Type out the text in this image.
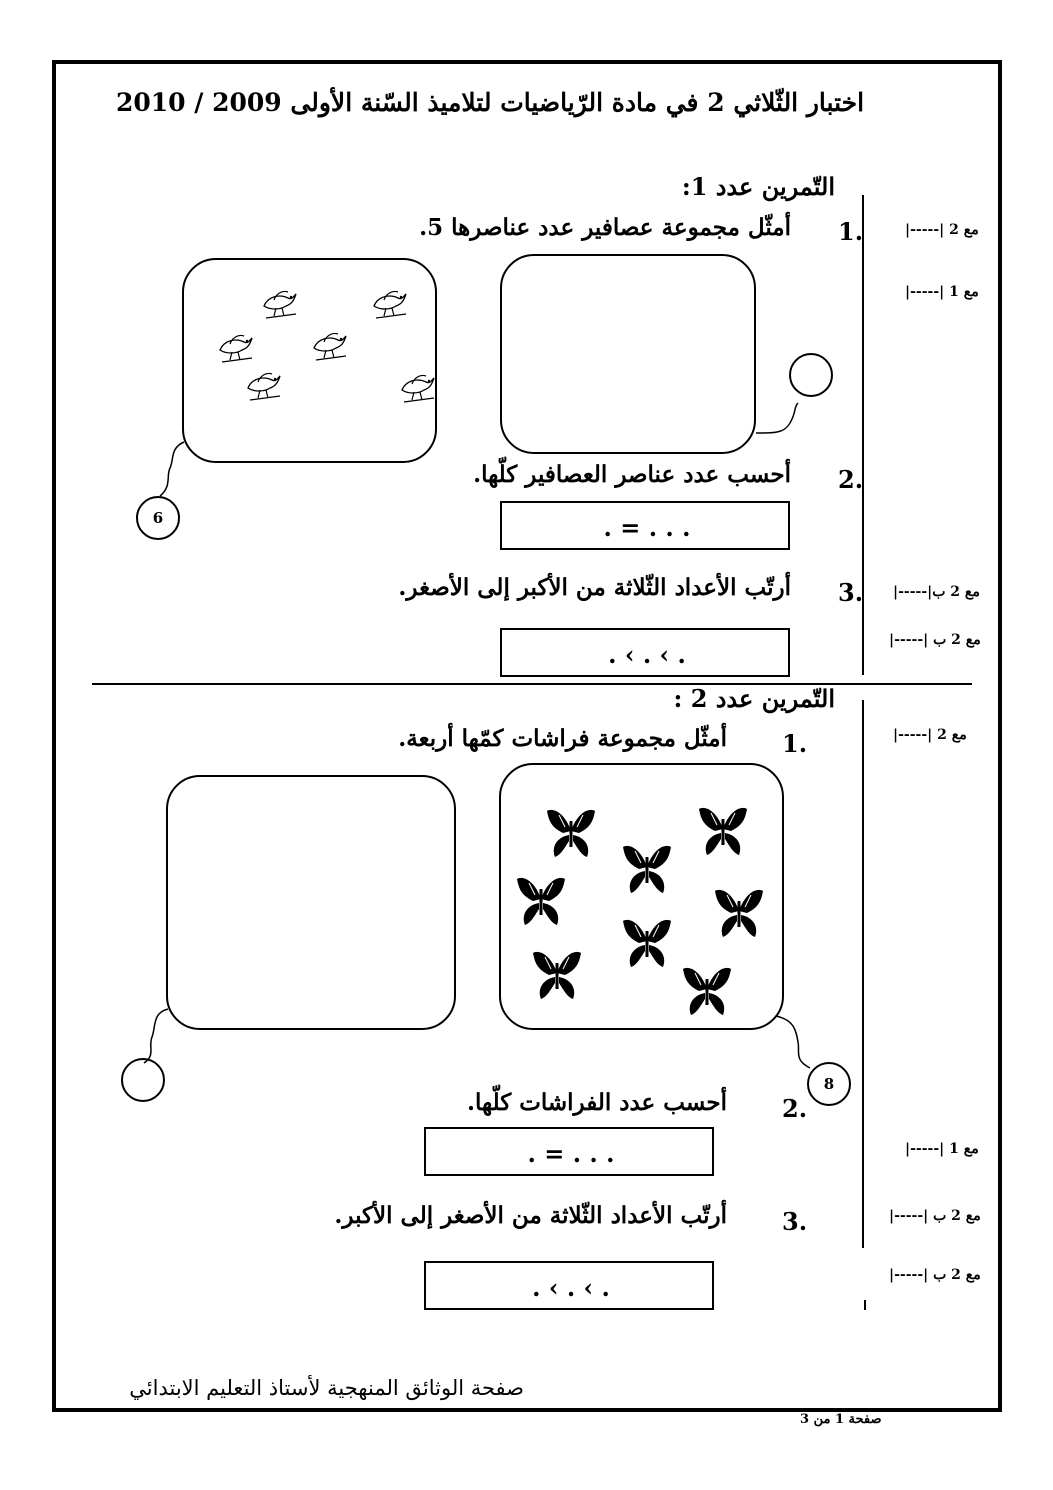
اختبار الثّلاثي 2 في مادة الرّياضيات لتلاميذ السّنة الأولى 2009 / 2010
مع 2 |-----|
مع 1 |-----|
مع 2 ب|-----|
مع 2 ب |-----|
مع 2 |-----|
مع 1 |-----|
مع 2 ب |-----|
مع 2 ب |-----|
التّمرين عدد 1:
1.
أمثّل مجموعة عصافير عدد عناصرها 5.
6
2.
أحسب عدد عناصر العصافير كلّها.
. = . . .
3.
أرتّب الأعداد الثّلاثة من الأكبر إلى الأصغر.
. ‹ . ‹ .
التّمرين عدد 2 :
1.
أمثّل مجموعة فراشات كمّها أربعة.
8
2.
أحسب عدد الفراشات كلّها.
. = . . .
3.
أرتّب الأعداد الثّلاثة من الأصغر إلى الأكبر.
. ‹ . ‹ .
صفحة الوثائق المنهجية لأستاذ التعليم الابتدائي
صفحة 1 من 3
